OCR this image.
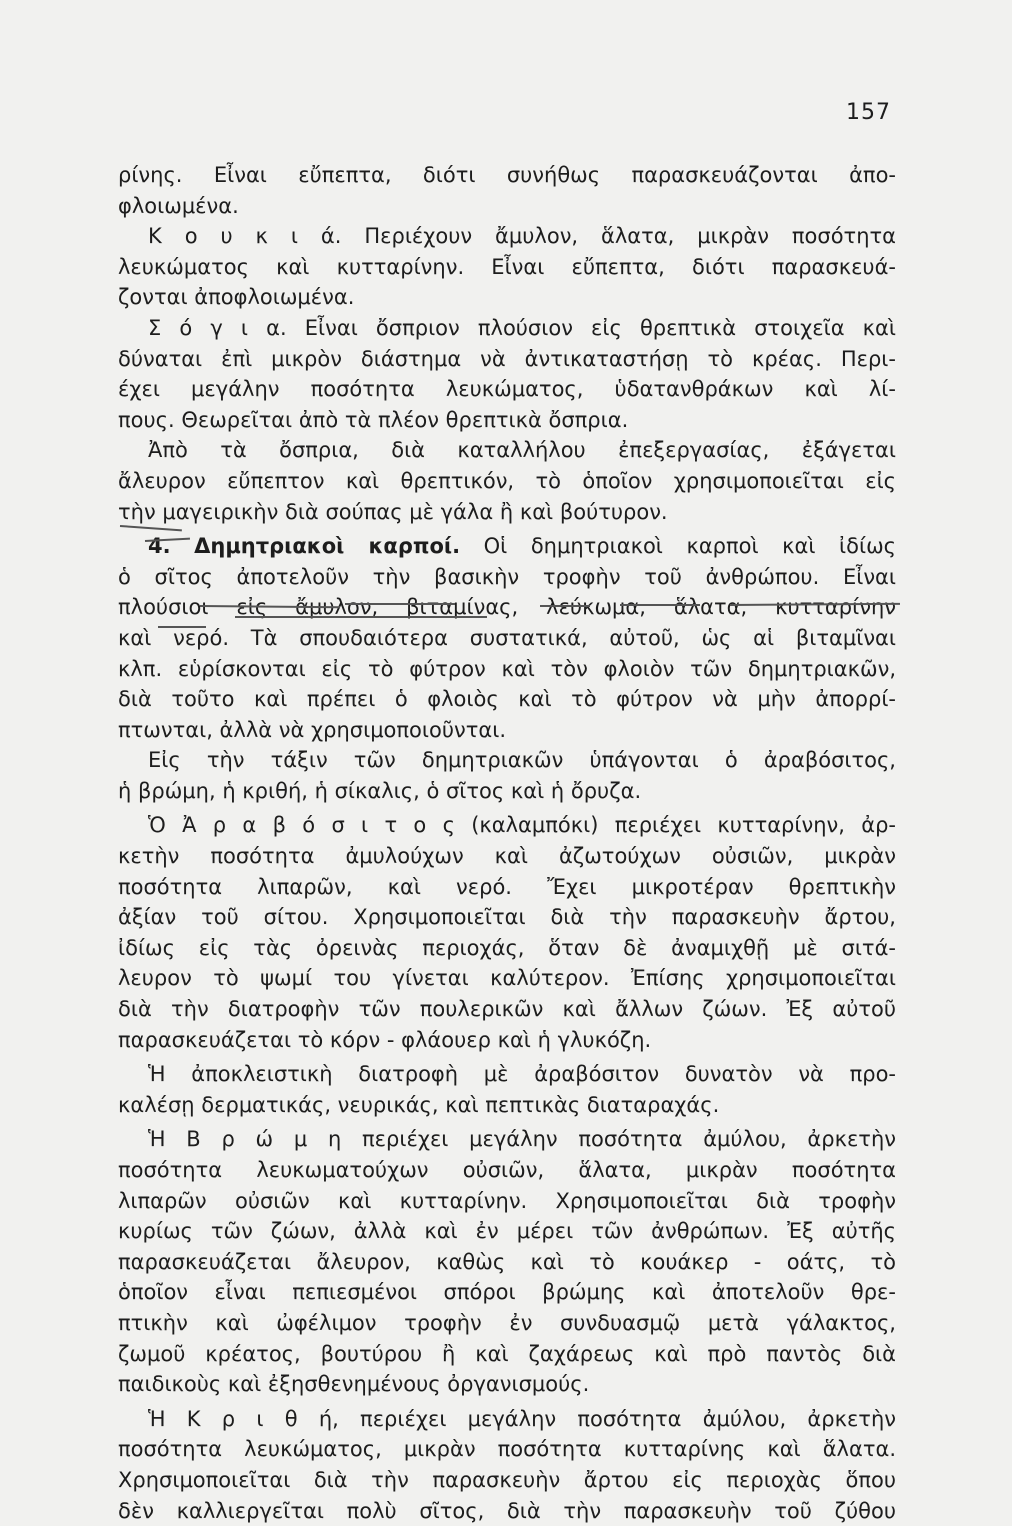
157
ρίνης. Εἶναι εὔπεπτα, διότι συνήθως παρασκευάζονται ἀπο-
φλοιωμένα.
Κ ο υ κ ι ά. Περιέχουν ἄμυλον, ἅλατα, μικρὰν ποσότητα
λευκώματος καὶ κυτταρίνην. Εἶναι εὔπεπτα, διότι παρασκευά-
ζονται ἀποφλοιωμένα.
Σ ό γ ι α. Εἶναι ὄσπριον πλούσιον εἰς θρεπτικὰ στοιχεῖα καὶ
δύναται ἐπὶ μικρὸν διάστημα νὰ ἀντικαταστήσῃ τὸ κρέας. Περι-
έχει μεγάλην ποσότητα λευκώματος, ὑδατανθράκων καὶ λί-
πους. Θεωρεῖται ἀπὸ τὰ πλέον θρεπτικὰ ὄσπρια.
Ἀπὸ τὰ ὄσπρια, διὰ καταλλήλου ἐπεξεργασίας, ἐξάγεται
ἄλευρον εὔπεπτον καὶ θρεπτικόν, τὸ ὁποῖον χρησιμοποιεῖται εἰς
τὴν μαγειρικὴν διὰ σούπας μὲ γάλα ἢ καὶ βούτυρον.
4. Δημητριακοὶ καρποί. Οἱ δημητριακοὶ καρποὶ καὶ ἰδίως
ὁ σῖτος ἀποτελοῦν τὴν βασικὴν τροφὴν τοῦ ἀνθρώπου. Εἶναι
πλούσιοι εἰς ἄμυλον, βιταμίνας, λεύκωμα, ἅλατα, κυτταρίνην
καὶ νερό. Τὰ σπουδαιότερα συστατικά, αὐτοῦ, ὡς αἱ βιταμῖναι
κλπ. εὑρίσκονται εἰς τὸ φύτρον καὶ τὸν φλοιὸν τῶν δημητριακῶν,
διὰ τοῦτο καὶ πρέπει ὁ φλοιὸς καὶ τὸ φύτρον νὰ μὴν ἀπορρί-
πτωνται, ἀλλὰ νὰ χρησιμοποιοῦνται.
Εἰς τὴν τάξιν τῶν δημητριακῶν ὑπάγονται ὁ ἀραβόσιτος,
ἡ βρώμη, ἡ κριθή, ἡ σίκαλις, ὁ σῖτος καὶ ἡ ὄρυζα.
Ὁ Ἀ ρ α β ό σ ι τ ο ς (καλαμπόκι) περιέχει κυτταρίνην, ἀρ-
κετὴν ποσότητα ἀμυλούχων καὶ ἀζωτούχων οὐσιῶν, μικρὰν
ποσότητα λιπαρῶν, καὶ νερό. Ἔχει μικροτέραν θρεπτικὴν
ἀξίαν τοῦ σίτου. Χρησιμοποιεῖται διὰ τὴν παρασκευὴν ἄρτου,
ἰδίως εἰς τὰς ὀρεινὰς περιοχάς, ὅταν δὲ ἀναμιχθῇ μὲ σιτά-
λευρον τὸ ψωμί του γίνεται καλύτερον. Ἐπίσης χρησιμοποιεῖται
διὰ τὴν διατροφὴν τῶν πουλερικῶν καὶ ἄλλων ζώων. Ἐξ αὐτοῦ
παρασκευάζεται τὸ κόρν - φλάουερ καὶ ἡ γλυκόζη.
Ἡ ἀποκλειστικὴ διατροφὴ μὲ ἀραβόσιτον δυνατὸν νὰ προ-
καλέσῃ δερματικάς, νευρικάς, καὶ πεπτικὰς διαταραχάς.
Ἡ Β ρ ώ μ η περιέχει μεγάλην ποσότητα ἀμύλου, ἀρκετὴν
ποσότητα λευκωματούχων οὐσιῶν, ἅλατα, μικρὰν ποσότητα
λιπαρῶν οὐσιῶν καὶ κυτταρίνην. Χρησιμοποιεῖται διὰ τροφὴν
κυρίως τῶν ζώων, ἀλλὰ καὶ ἐν μέρει τῶν ἀνθρώπων. Ἐξ αὐτῆς
παρασκευάζεται ἄλευρον, καθὼς καὶ τὸ κουάκερ - οάτς, τὸ
ὁποῖον εἶναι πεπιεσμένοι σπόροι βρώμης καὶ ἀποτελοῦν θρε-
πτικὴν καὶ ὠφέλιμον τροφὴν ἐν συνδυασμῷ μετὰ γάλακτος,
ζωμοῦ κρέατος, βουτύρου ἢ καὶ ζαχάρεως καὶ πρὸ παντὸς διὰ
παιδικοὺς καὶ ἐξησθενημένους ὀργανισμούς.
Ἡ Κ ρ ι θ ή, περιέχει μεγάλην ποσότητα ἀμύλου, ἀρκετὴν
ποσότητα λευκώματος, μικρὰν ποσότητα κυτταρίνης καὶ ἅλατα.
Χρησιμοποιεῖται διὰ τὴν παρασκευὴν ἄρτου εἰς περιοχὰς ὅπου
δὲν καλλιεργεῖται πολὺ σῖτος, διὰ τὴν παρασκευὴν τοῦ ζύθου
